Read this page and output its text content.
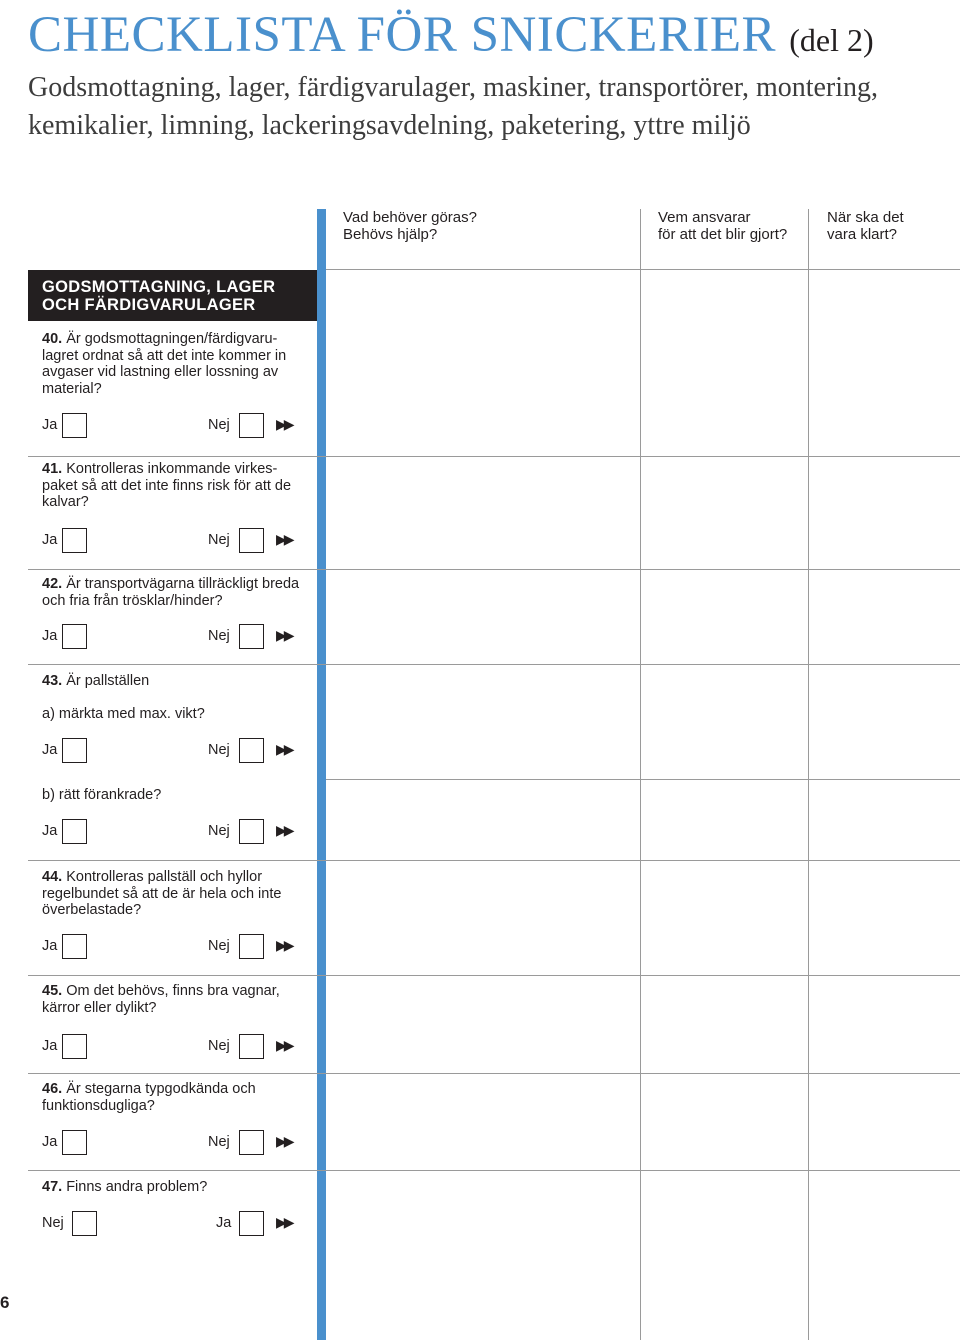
CHECKLISTA FÖR SNICKERIER (del 2)
Godsmottagning, lager, färdigvarulager, maskiner, transportörer, montering, kemikalier, limning, lackeringsavdelning, paketering, yttre miljö
Vad behöver göras?
Behövs hjälp?
Vem ansvarar
för att det blir gjort?
När ska det
vara klart?
GODSMOTTAGNING, LAGER
OCH FÄRDIGVARULAGER
40. Är godsmottagningen/färdigvaru-lagret ordnat så att det inte kommer in avgaser vid lastning eller lossning av material?
Ja	Nej	▶▶
41. Kontrolleras inkommande virkes-paket så att det inte finns risk för att de kalvar?
Ja	Nej	▶▶
42. Är transportvägarna tillräckligt breda och fria från trösklar/hinder?
Ja	Nej	▶▶
43. Är pallställen
a) märkta med max. vikt?
Ja	Nej	▶▶
b) rätt förankrade?
Ja	Nej	▶▶
44. Kontrolleras pallställ och hyllor regelbundet så att de är hela och inte överbelastade?
Ja	Nej	▶▶
45. Om det behövs, finns bra vagnar, kärror eller dylikt?
Ja	Nej	▶▶
46. Är stegarna typgodkända och funktionsdugliga?
Ja	Nej	▶▶
47. Finns andra problem?
Nej	Ja	▶▶
6
